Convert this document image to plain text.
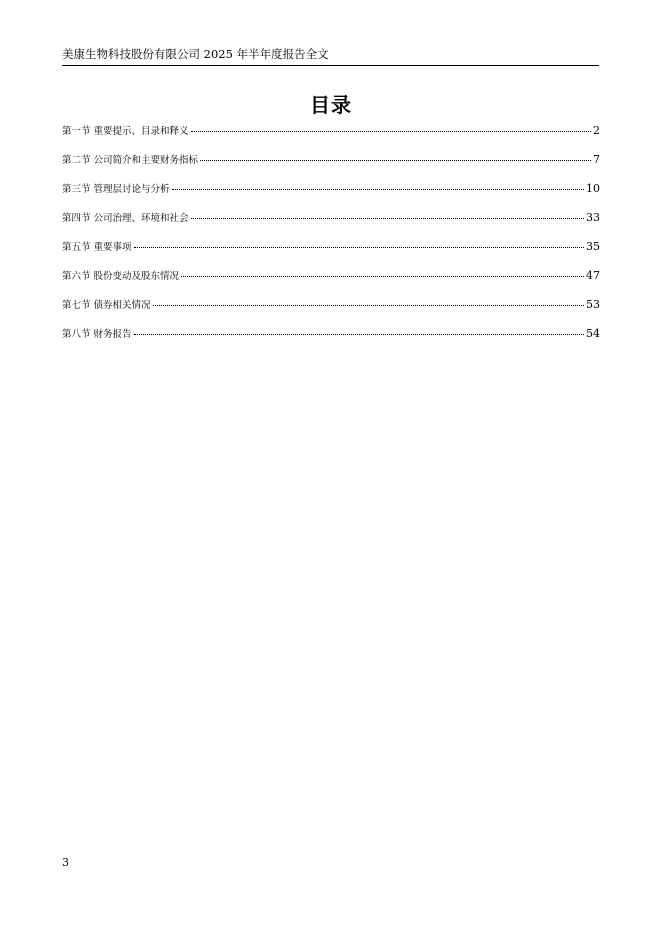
美康生物科技股份有限公司 2025 年半年度报告全文
目录
第一节 重要提示、目录和释义	2
第二节 公司简介和主要财务指标	7
第三节 管理层讨论与分析	10
第四节 公司治理、环境和社会	33
第五节 重要事项	35
第六节 股份变动及股东情况	47
第七节 债券相关情况	53
第八节 财务报告	54
3
